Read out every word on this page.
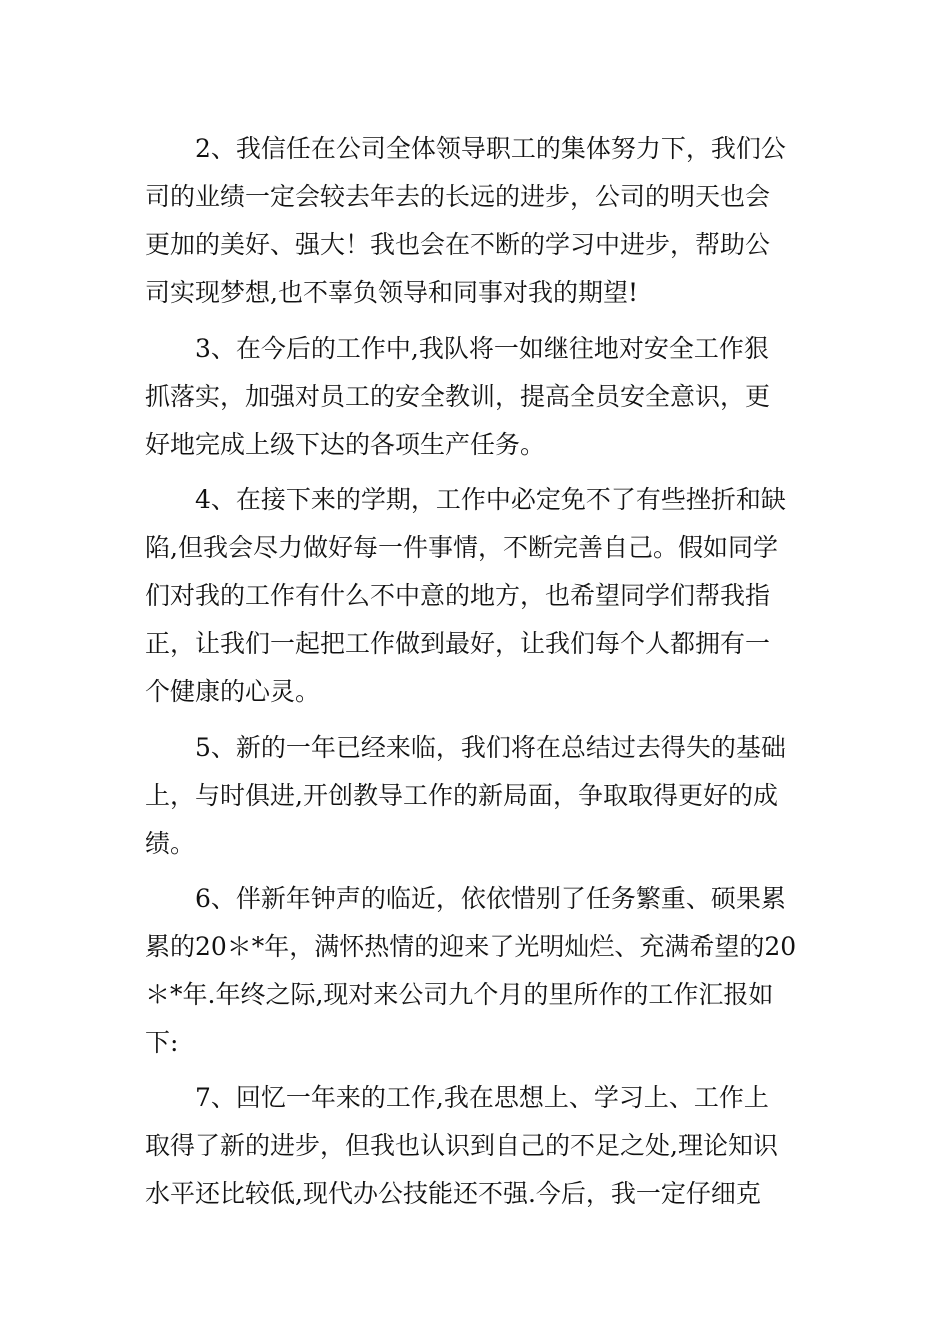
2、我信任在公司全体领导职工的集体努力下，我们公
司的业绩一定会较去年去的长远的进步，公司的明天也会
更加的美好、强大！我也会在不断的学习中进步，帮助公
司实现梦想,也不辜负领导和同事对我的期望!
3、在今后的工作中,我队将一如继往地对安全工作狠
抓落实，加强对员工的安全教训，提高全员安全意识，更
好地完成上级下达的各项生产任务。
4、在接下来的学期，工作中必定免不了有些挫折和缺
陷,但我会尽力做好每一件事情，不断完善自己。假如同学
们对我的工作有什么不中意的地方，也希望同学们帮我指
正，让我们一起把工作做到最好，让我们每个人都拥有一
个健康的心灵。
5、新的一年已经来临，我们将在总结过去得失的基础
上，与时俱进,开创教导工作的新局面，争取取得更好的成
绩。
6、伴新年钟声的临近，依依惜别了任务繁重、硕果累
累的20＊*年，满怀热情的迎来了光明灿烂、充满希望的20
＊*年.年终之际,现对来公司九个月的里所作的工作汇报如
下:
7、回忆一年来的工作,我在思想上、学习上、工作上
取得了新的进步，但我也认识到自己的不足之处,理论知识
水平还比较低,现代办公技能还不强.今后，我一定仔细克
